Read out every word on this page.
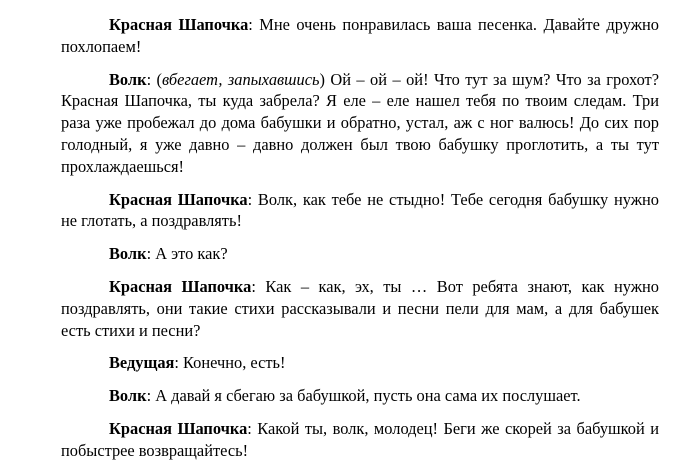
Красная Шапочка: Мне очень понравилась ваша песенка. Давайте дружно похлопаем!

Волк: (вбегает, запыхавшись) Ой – ой – ой! Что тут за шум? Что за грохот? Красная Шапочка, ты куда забрела? Я еле – еле нашел тебя по твоим следам. Три раза уже пробежал до дома бабушки и обратно, устал, аж с ног валюсь! До сих пор голодный, я уже давно – давно должен был твою бабушку проглотить, а ты тут прохлаждаешься!

Красная Шапочка: Волк, как тебе не стыдно! Тебе сегодня бабушку нужно не глотать, а поздравлять!

Волк: А это как?

Красная Шапочка: Как – как, эх, ты … Вот ребята знают, как нужно поздравлять, они такие стихи рассказывали и песни пели для мам, а для бабушек есть стихи и песни?

Ведущая: Конечно, есть!

Волк: А давай я сбегаю за бабушкой, пусть она сама их послушает.

Красная Шапочка: Какой ты, волк, молодец! Беги же скорей за бабушкой и побыстрее возвращайтесь!
